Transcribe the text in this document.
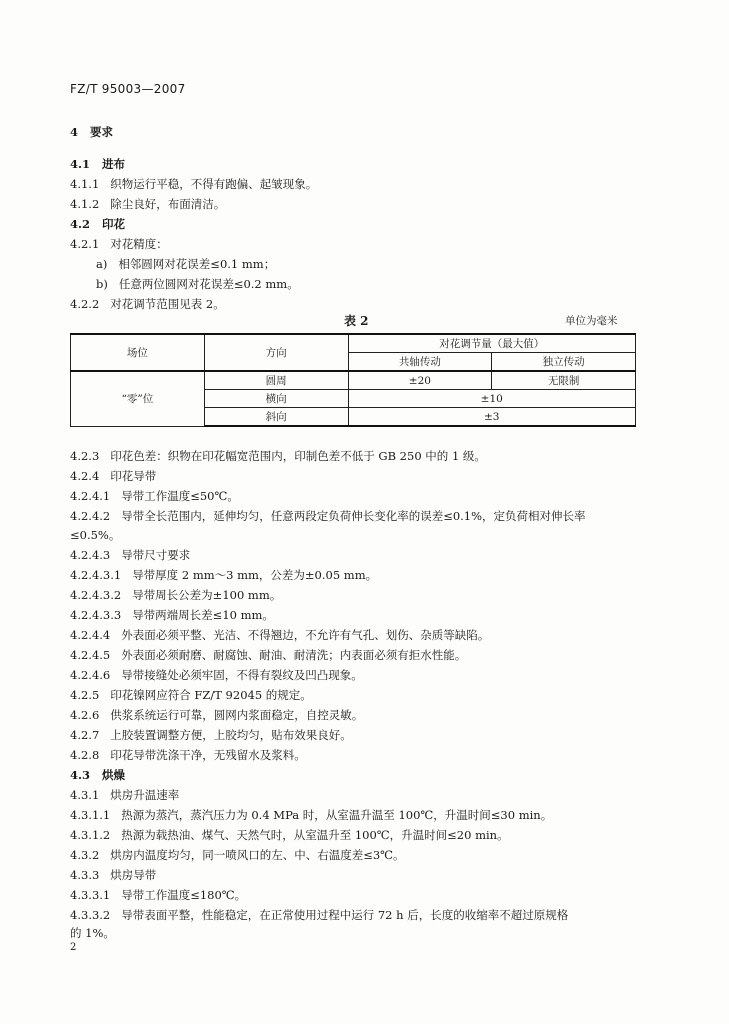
FZ/T 95003—2007
4 要求
4.1 进布
4.1.1 织物运行平稳，不得有跑偏、起皱现象。
4.1.2 除尘良好，布面清洁。
4.2 印花
4.2.1 对花精度：
a) 相邻圆网对花误差≤0.1 mm；
b) 任意两位圆网对花误差≤0.2 mm。
4.2.2 对花调节范围见表 2。
表 2	单位为毫米
场位	方向	对花调节量（最大值）	
		共轴传动	独立传动
“零”位	圆周	±20	无限制
	横向	±10	
	斜向	±3	
4.2.3 印花色差：织物在印花幅宽范围内，印制色差不低于 GB 250 中的 1 级。
4.2.4 印花导带
4.2.4.1 导带工作温度≤50℃。
4.2.4.2 导带全长范围内，延伸均匀，任意两段定负荷伸长变化率的误差≤0.1%，定负荷相对伸长率
≤0.5%。
4.2.4.3 导带尺寸要求
4.2.4.3.1 导带厚度 2 mm～3 mm，公差为±0.05 mm。
4.2.4.3.2 导带周长公差为±100 mm。
4.2.4.3.3 导带两端周长差≤10 mm。
4.2.4.4 外表面必须平整、光洁、不得翘边，不允许有气孔、划伤、杂质等缺陷。
4.2.4.5 外表面必须耐磨、耐腐蚀、耐油、耐清洗；内表面必须有拒水性能。
4.2.4.6 导带接缝处必须牢固，不得有裂纹及凹凸现象。
4.2.5 印花镍网应符合 FZ/T 92045 的规定。
4.2.6 供浆系统运行可靠，圆网内浆面稳定，自控灵敏。
4.2.7 上胶装置调整方便，上胶均匀，贴布效果良好。
4.2.8 印花导带洗涤干净，无残留水及浆料。
4.3 烘燥
4.3.1 烘房升温速率
4.3.1.1 热源为蒸汽，蒸汽压力为 0.4 MPa 时，从室温升温至 100℃，升温时间≤30 min。
4.3.1.2 热源为载热油、煤气、天然气时，从室温升至 100℃，升温时间≤20 min。
4.3.2 烘房内温度均匀，同一喷风口的左、中、右温度差≤3℃。
4.3.3 烘房导带
4.3.3.1 导带工作温度≤180℃。
4.3.3.2 导带表面平整，性能稳定，在正常使用过程中运行 72 h 后，长度的收缩率不超过原规格
的 1%。
2
